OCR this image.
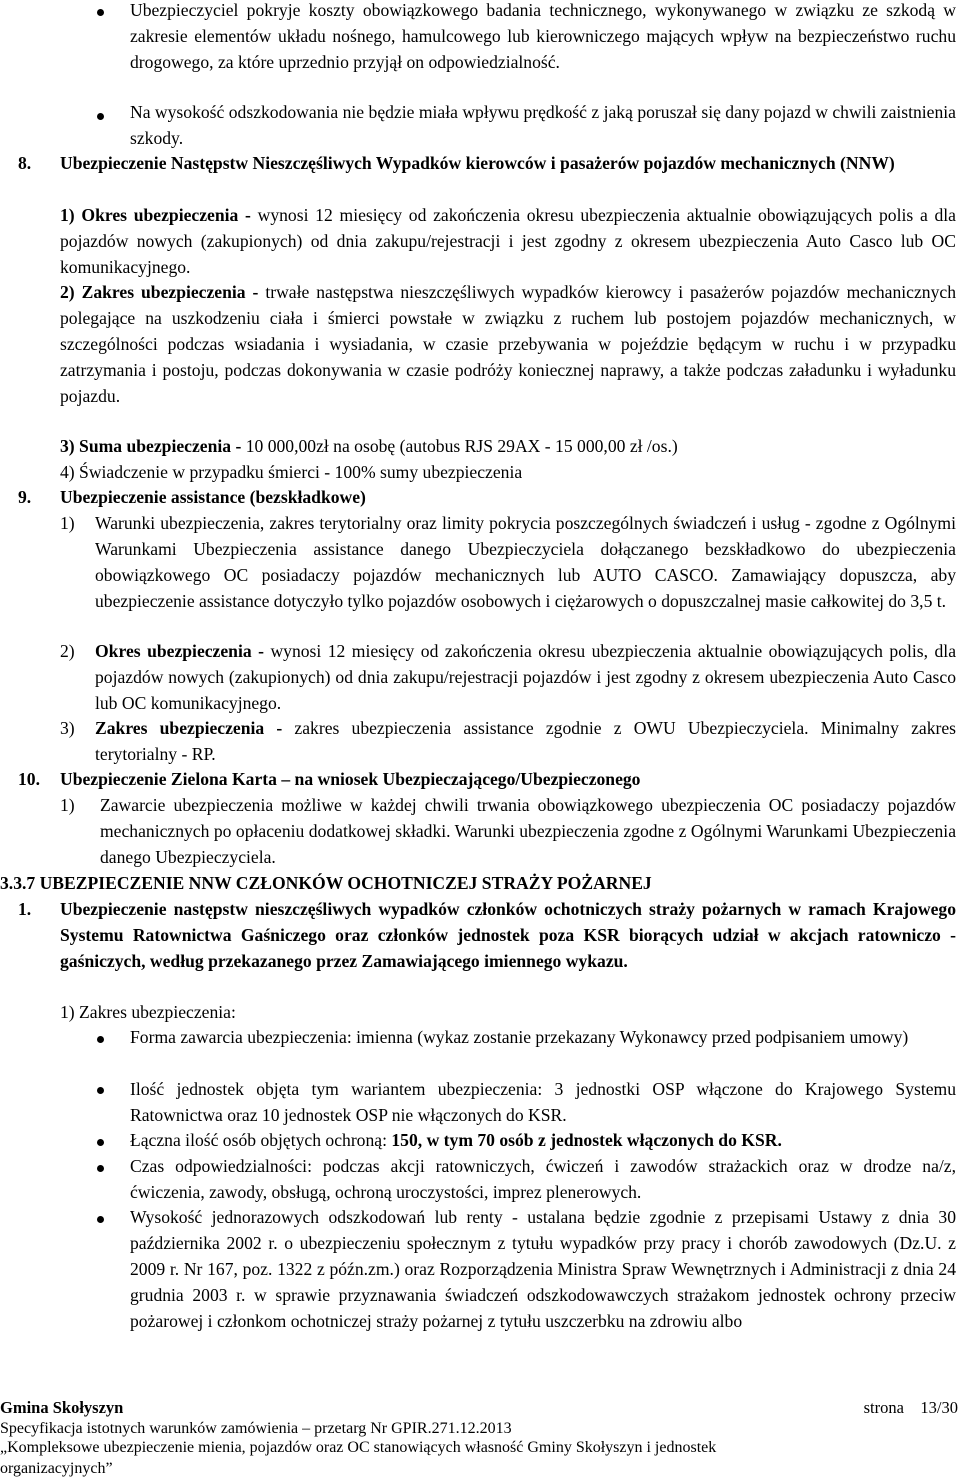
Ubezpieczyciel pokryje koszty obowiązkowego badania technicznego, wykonywanego w związku ze szkodą w zakresie elementów układu nośnego, hamulcowego lub kierowniczego mających wpływ na bezpieczeństwo ruchu drogowego, za które uprzednio przyjął on odpowiedzialność.
Na wysokość odszkodowania nie będzie miała wpływu prędkość z jaką poruszał się dany pojazd w chwili zaistnienia szkody.
8. Ubezpieczenie Następstw Nieszczęśliwych Wypadków kierowców i pasażerów pojazdów mechanicznych (NNW)
1) Okres ubezpieczenia - wynosi 12 miesięcy od zakończenia okresu ubezpieczenia aktualnie obowiązujących polis a dla pojazdów nowych (zakupionych) od dnia zakupu/rejestracji i jest zgodny z okresem ubezpieczenia Auto Casco lub OC komunikacyjnego.
2) Zakres ubezpieczenia - trwałe następstwa nieszczęśliwych wypadków kierowcy i pasażerów pojazdów mechanicznych polegające na uszkodzeniu ciała i śmierci powstałe w związku z ruchem lub postojem pojazdów mechanicznych, w szczególności podczas wsiadania i wysiadania, w czasie przebywania w pojeździe będącym w ruchu i w przypadku zatrzymania i postoju, podczas dokonywania w czasie podróży koniecznej naprawy, a także podczas załadunku i wyładunku pojazdu.
3) Suma ubezpieczenia - 10 000,00zł na osobę (autobus RJS 29AX - 15 000,00 zł /os.)
4) Świadczenie w przypadku śmierci - 100% sumy ubezpieczenia
9. Ubezpieczenie assistance (bezskładkowe)
1) Warunki ubezpieczenia, zakres terytorialny oraz limity pokrycia poszczególnych świadczeń i usług - zgodne z Ogólnymi Warunkami Ubezpieczenia assistance danego Ubezpieczyciela dołączanego bezskładkowo do ubezpieczenia obowiązkowego OC posiadaczy pojazdów mechanicznych lub AUTO CASCO. Zamawiający dopuszcza, aby ubezpieczenie assistance dotyczyło tylko pojazdów osobowych i ciężarowych o dopuszczalnej masie całkowitej do 3,5 t.
2) Okres ubezpieczenia - wynosi 12 miesięcy od zakończenia okresu ubezpieczenia aktualnie obowiązujących polis, dla pojazdów nowych (zakupionych) od dnia zakupu/rejestracji pojazdów i jest zgodny z okresem ubezpieczenia Auto Casco lub OC komunikacyjnego.
3) Zakres ubezpieczenia - zakres ubezpieczenia assistance zgodnie z OWU Ubezpieczyciela. Minimalny zakres terytorialny - RP.
10. Ubezpieczenie Zielona Karta – na wniosek Ubezpieczającego/Ubezpieczonego
1) Zawarcie ubezpieczenia możliwe w każdej chwili trwania obowiązkowego ubezpieczenia OC posiadaczy pojazdów mechanicznych po opłaceniu dodatkowej składki. Warunki ubezpieczenia zgodne z Ogólnymi Warunkami Ubezpieczenia danego Ubezpieczyciela.
3.3.7 UBEZPIECZENIE NNW CZŁONKÓW OCHOTNICZEJ STRAŻY POŻARNEJ
1. Ubezpieczenie następstw nieszczęśliwych wypadków członków ochotniczych straży pożarnych w ramach Krajowego Systemu Ratownictwa Gaśniczego oraz członków jednostek poza KSR biorących udział w akcjach ratowniczo - gaśniczych, według przekazanego przez Zamawiającego imiennego wykazu.
1) Zakres ubezpieczenia:
Forma zawarcia ubezpieczenia: imienna (wykaz zostanie przekazany Wykonawcy przed podpisaniem umowy)
Ilość jednostek objęta tym wariantem ubezpieczenia: 3 jednostki OSP włączone do Krajowego Systemu Ratownictwa oraz 10 jednostek OSP nie włączonych do KSR.
Łączna ilość osób objętych ochroną: 150, w tym 70 osób z jednostek włączonych do KSR.
Czas odpowiedzialności: podczas akcji ratowniczych, ćwiczeń i zawodów strażackich oraz w drodze na/z, ćwiczenia, zawody, obsługą, ochroną uroczystości, imprez plenerowych.
Wysokość jednorazowych odszkodowań lub renty - ustalana będzie zgodnie z przepisami Ustawy z dnia 30 października 2002 r. o ubezpieczeniu społecznym z tytułu wypadków przy pracy i chorób zawodowych (Dz.U. z 2009 r. Nr 167, poz. 1322 z późn.zm.) oraz Rozporządzenia Ministra Spraw Wewnętrznych i Administracji z dnia 24 grudnia 2003 r. w sprawie przyznawania świadczeń odszkodowawczych strażakom jednostek ochrony przeciw pożarowej i członkom ochotniczej straży pożarnej z tytułu uszczerbku na zdrowiu albo
Gmina Skołyszyn	strona 13/30
Specyfikacja istotnych warunków zamówienia – przetarg Nr GPIR.271.12.2013
„Kompleksowe ubezpieczenie mienia, pojazdów oraz OC stanowiących własność Gminy Skołyszyn i jednostek organizacyjnych”
